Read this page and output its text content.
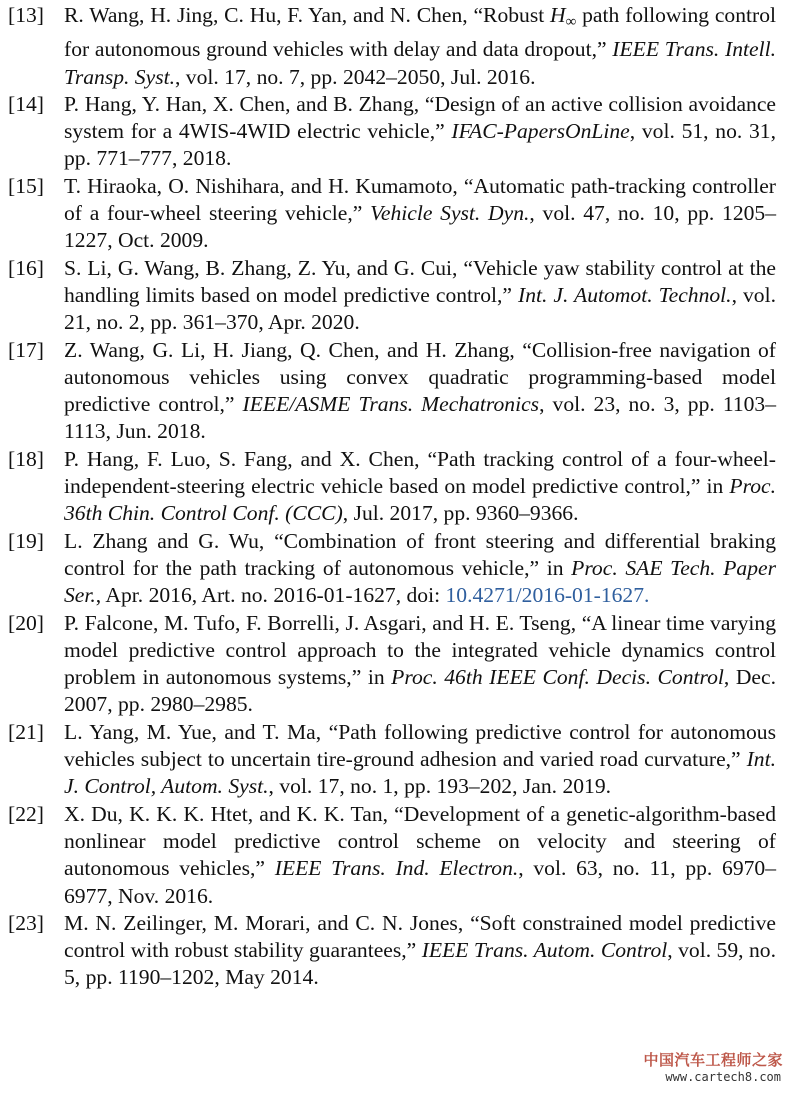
[13] R. Wang, H. Jing, C. Hu, F. Yan, and N. Chen, “Robust $H_\infty$ path following control for autonomous ground vehicles with delay and data dropout,” IEEE Trans. Intell. Transp. Syst., vol. 17, no. 7, pp. 2042–2050, Jul. 2016.
[14] P. Hang, Y. Han, X. Chen, and B. Zhang, “Design of an active collision avoidance system for a 4WIS-4WID electric vehicle,” IFAC-PapersOnLine, vol. 51, no. 31, pp. 771–777, 2018.
[15] T. Hiraoka, O. Nishihara, and H. Kumamoto, “Automatic path-tracking controller of a four-wheel steering vehicle,” Vehicle Syst. Dyn., vol. 47, no. 10, pp. 1205–1227, Oct. 2009.
[16] S. Li, G. Wang, B. Zhang, Z. Yu, and G. Cui, “Vehicle yaw stability control at the handling limits based on model predictive control,” Int. J. Automot. Technol., vol. 21, no. 2, pp. 361–370, Apr. 2020.
[17] Z. Wang, G. Li, H. Jiang, Q. Chen, and H. Zhang, “Collision-free navigation of autonomous vehicles using convex quadratic programming-based model predictive control,” IEEE/ASME Trans. Mechatronics, vol. 23, no. 3, pp. 1103–1113, Jun. 2018.
[18] P. Hang, F. Luo, S. Fang, and X. Chen, “Path tracking control of a four-wheel-independent-steering electric vehicle based on model predictive control,” in Proc. 36th Chin. Control Conf. (CCC), Jul. 2017, pp. 9360–9366.
[19] L. Zhang and G. Wu, “Combination of front steering and differential braking control for the path tracking of autonomous vehicle,” in Proc. SAE Tech. Paper Ser., Apr. 2016, Art. no. 2016-01-1627, doi: 10.4271/2016-01-1627.
[20] P. Falcone, M. Tufo, F. Borrelli, J. Asgari, and H. E. Tseng, “A linear time varying model predictive control approach to the integrated vehicle dynamics control problem in autonomous systems,” in Proc. 46th IEEE Conf. Decis. Control, Dec. 2007, pp. 2980–2985.
[21] L. Yang, M. Yue, and T. Ma, “Path following predictive control for autonomous vehicles subject to uncertain tire-ground adhesion and varied road curvature,” Int. J. Control, Autom. Syst., vol. 17, no. 1, pp. 193–202, Jan. 2019.
[22] X. Du, K. K. K. Htet, and K. K. Tan, “Development of a genetic-algorithm-based nonlinear model predictive control scheme on velocity and steering of autonomous vehicles,” IEEE Trans. Ind. Electron., vol. 63, no. 11, pp. 6970–6977, Nov. 2016.
[23] M. N. Zeilinger, M. Morari, and C. N. Jones, “Soft constrained model predictive control with robust stability guarantees,” IEEE Trans. Autom. Control, vol. 59, no. 5, pp. 1190–1202, May 2014.
中国汽车工程师之家
www.cartech8.com
